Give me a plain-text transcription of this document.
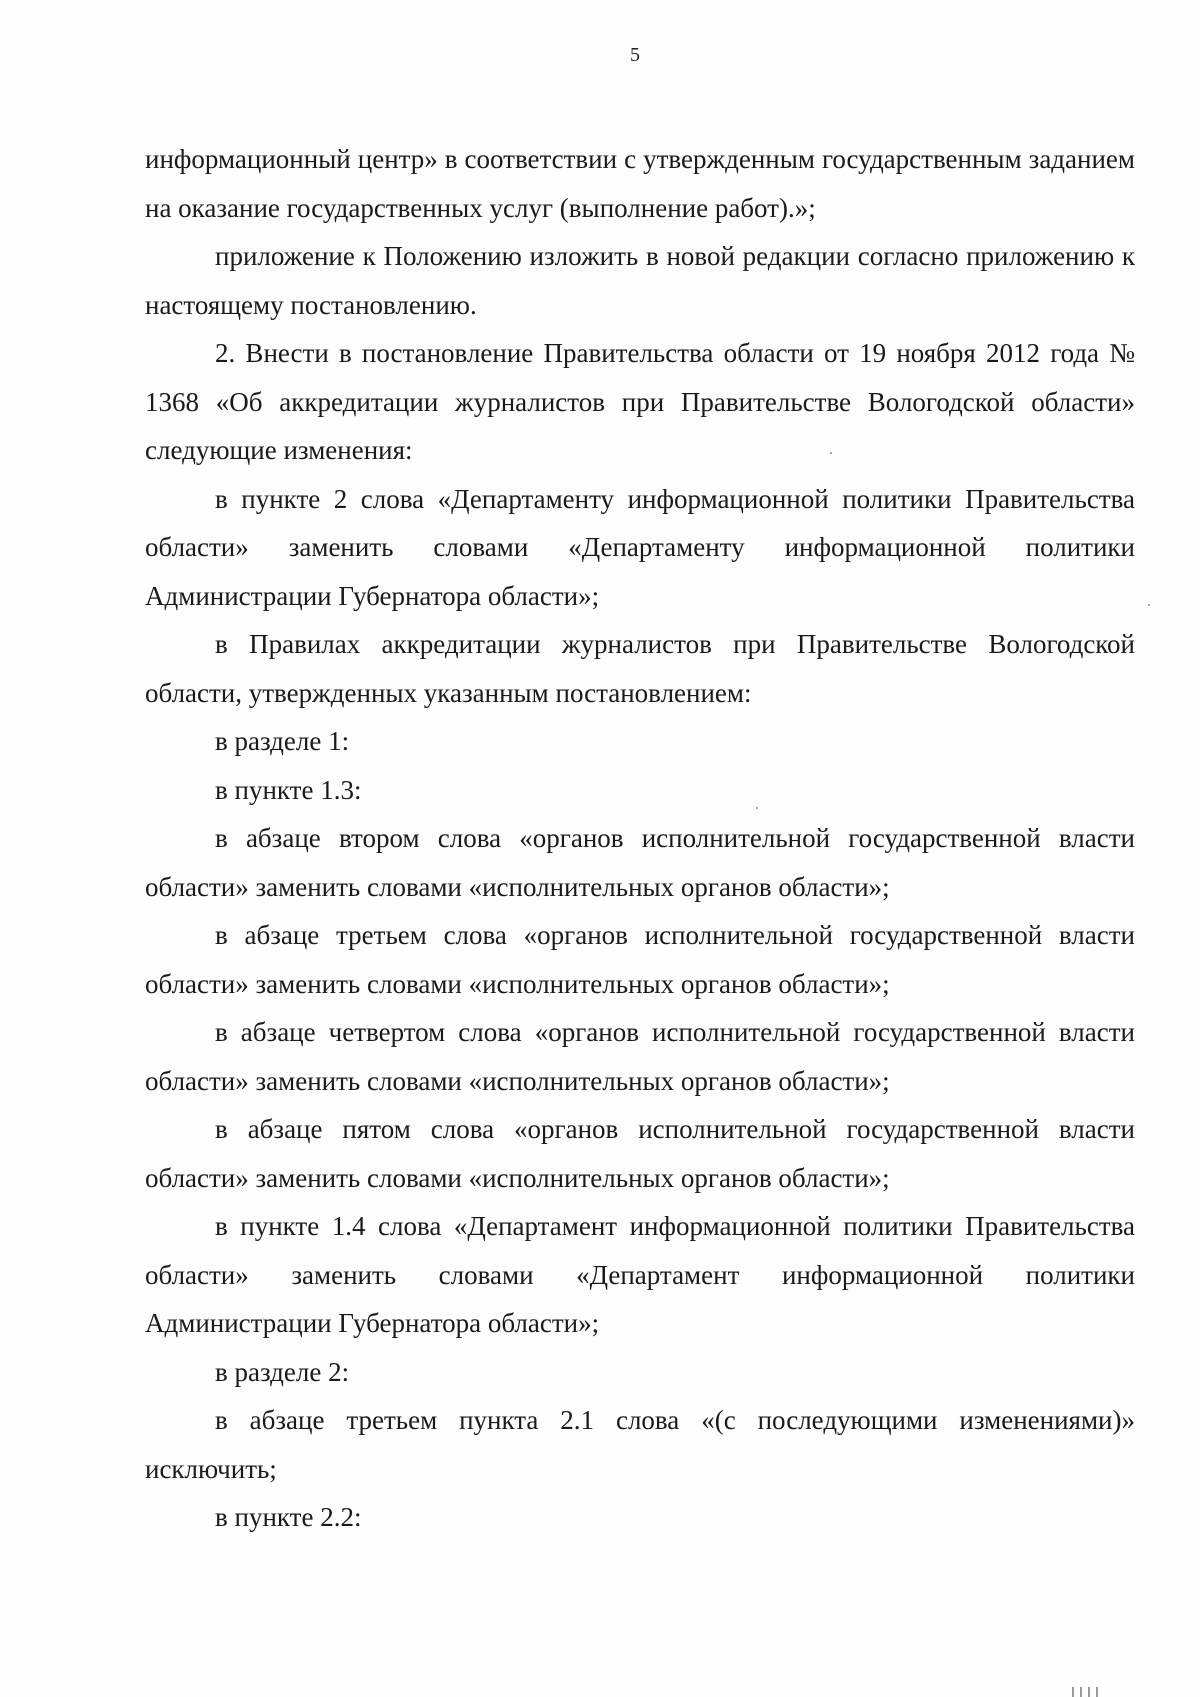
5

информационный центр» в соответствии с утвержденным государственным заданием на оказание государственных услуг (выполнение работ).»;

приложение к Положению изложить в новой редакции согласно приложению к настоящему постановлению.

2. Внести в постановление Правительства области от 19 ноября 2012 года № 1368 «Об аккредитации журналистов при Правительстве Вологодской области» следующие изменения:

в пункте 2 слова «Департаменту информационной политики Правительства области» заменить словами «Департаменту информационной политики Администрации Губернатора области»;

в Правилах аккредитации журналистов при Правительстве Вологодской области, утвержденных указанным постановлением:

в разделе 1:

в пункте 1.3:

в абзаце втором слова «органов исполнительной государственной власти области» заменить словами «исполнительных органов области»;

в абзаце третьем слова «органов исполнительной государственной власти области» заменить словами «исполнительных органов области»;

в абзаце четвертом слова «органов исполнительной государственной власти области» заменить словами «исполнительных органов области»;

в абзаце пятом слова «органов исполнительной государственной власти области» заменить словами «исполнительных органов области»;

в пункте 1.4 слова «Департамент информационной политики Правительства области» заменить словами «Департамент информационной политики Администрации Губернатора области»;

в разделе 2:

в абзаце третьем пункта 2.1 слова «(с последующими изменениями)» исключить;

в пункте 2.2:
